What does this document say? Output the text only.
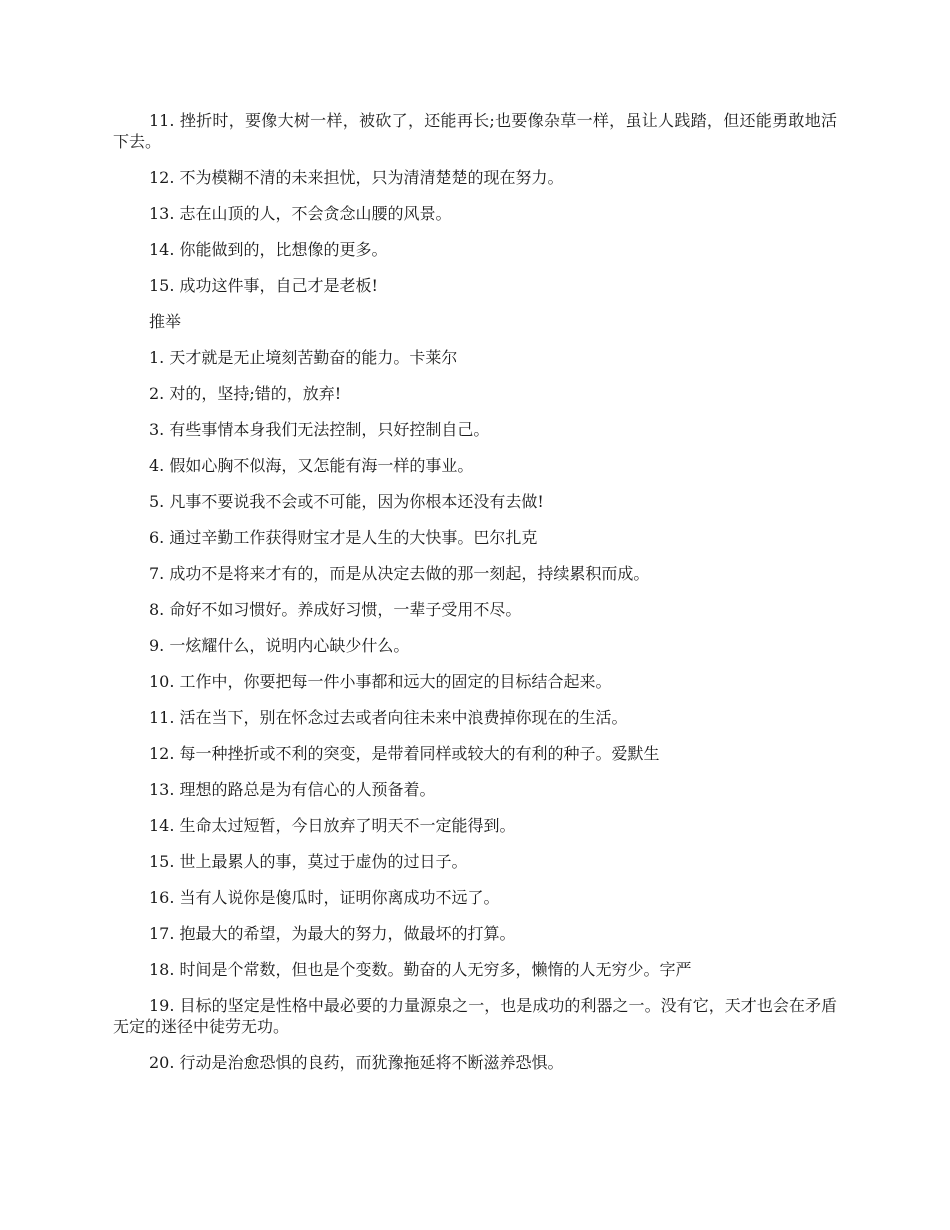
11. 挫折时，要像大树一样，被砍了，还能再长;也要像杂草一样，虽让人践踏，但还能勇敢地活下去。

12. 不为模糊不清的未来担忧，只为清清楚楚的现在努力。

13. 志在山顶的人，不会贪念山腰的风景。

14. 你能做到的，比想像的更多。

15. 成功这件事，自己才是老板!

推举

1. 天才就是无止境刻苦勤奋的能力。卡莱尔

2. 对的，坚持;错的，放弃!

3. 有些事情本身我们无法控制，只好控制自己。

4. 假如心胸不似海，又怎能有海一样的事业。

5. 凡事不要说我不会或不可能，因为你根本还没有去做!

6. 通过辛勤工作获得财宝才是人生的大快事。巴尔扎克

7. 成功不是将来才有的，而是从决定去做的那一刻起，持续累积而成。

8. 命好不如习惯好。养成好习惯，一辈子受用不尽。

9. 一炫耀什么，说明内心缺少什么。

10. 工作中，你要把每一件小事都和远大的固定的目标结合起来。

11. 活在当下，别在怀念过去或者向往未来中浪费掉你现在的生活。

12. 每一种挫折或不利的突变，是带着同样或较大的有利的种子。爱默生

13. 理想的路总是为有信心的人预备着。

14. 生命太过短暂，今日放弃了明天不一定能得到。

15. 世上最累人的事，莫过于虚伪的过日子。

16. 当有人说你是傻瓜时，证明你离成功不远了。

17. 抱最大的希望，为最大的努力，做最坏的打算。

18. 时间是个常数，但也是个变数。勤奋的人无穷多，懒惰的人无穷少。字严

19. 目标的坚定是性格中最必要的力量源泉之一，也是成功的利器之一。没有它，天才也会在矛盾无定的迷径中徒劳无功。

20. 行动是治愈恐惧的良药，而犹豫拖延将不断滋养恐惧。
